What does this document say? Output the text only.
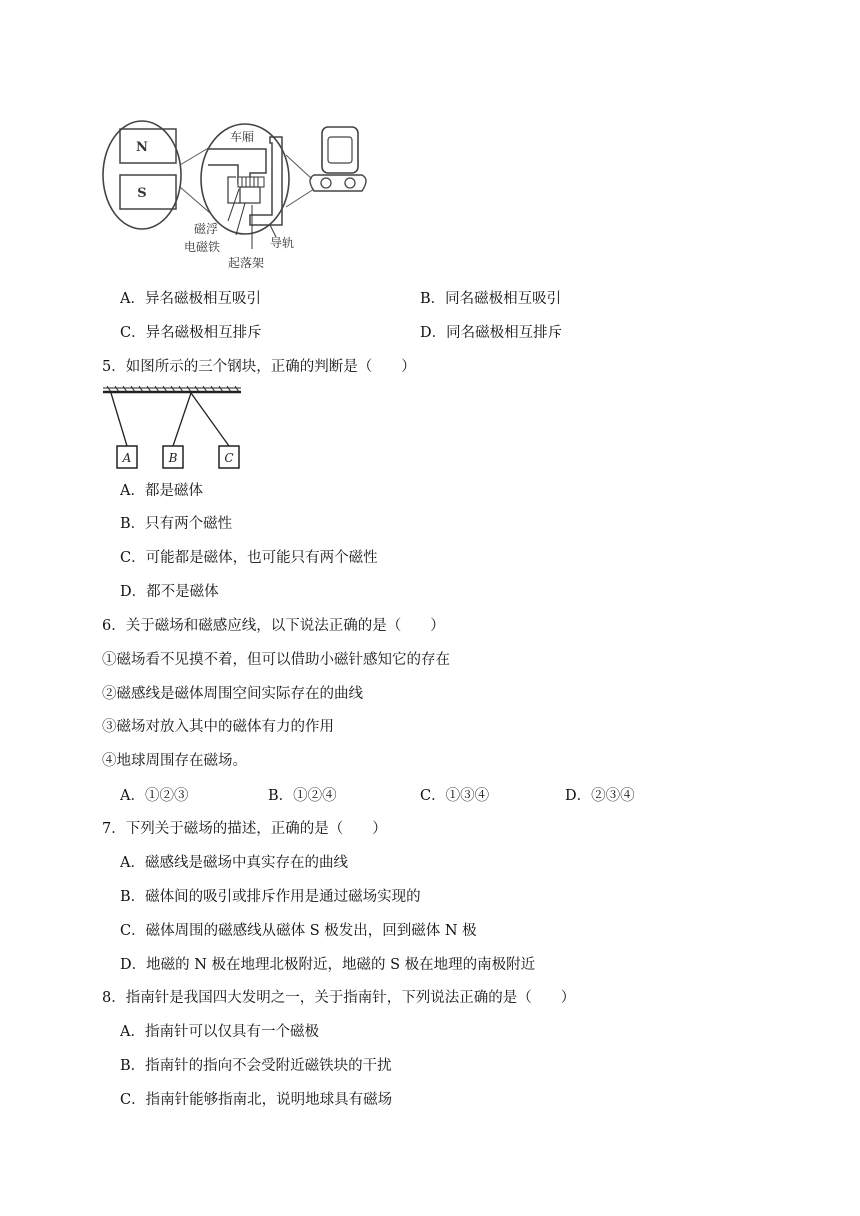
N
S
车厢
磁浮
电磁铁	导轨
起落架
A．异名磁极相互吸引	B．同名磁极相互吸引
C．异名磁极相互排斥	D．同名磁极相互排斥
5．如图所示的三个钢块，正确的判断是（　　）
A	B	C
A．都是磁体
B．只有两个磁性
C．可能都是磁体，也可能只有两个磁性
D．都不是磁体
6．关于磁场和磁感应线，以下说法正确的是（　　）
①磁场看不见摸不着，但可以借助小磁针感知它的存在
②磁感线是磁体周围空间实际存在的曲线
③磁场对放入其中的磁体有力的作用
④地球周围存在磁场。
A．①②③	B．①②④	C．①③④	D．②③④
7．下列关于磁场的描述，正确的是（　　）
A．磁感线是磁场中真实存在的曲线
B．磁体间的吸引或排斥作用是通过磁场实现的
C．磁体周围的磁感线从磁体 S 极发出，回到磁体 N 极
D．地磁的 N 极在地理北极附近，地磁的 S 极在地理的南极附近
8．指南针是我国四大发明之一，关于指南针，下列说法正确的是（　　）
A．指南针可以仅具有一个磁极
B．指南针的指向不会受附近磁铁块的干扰
C．指南针能够指南北，说明地球具有磁场
